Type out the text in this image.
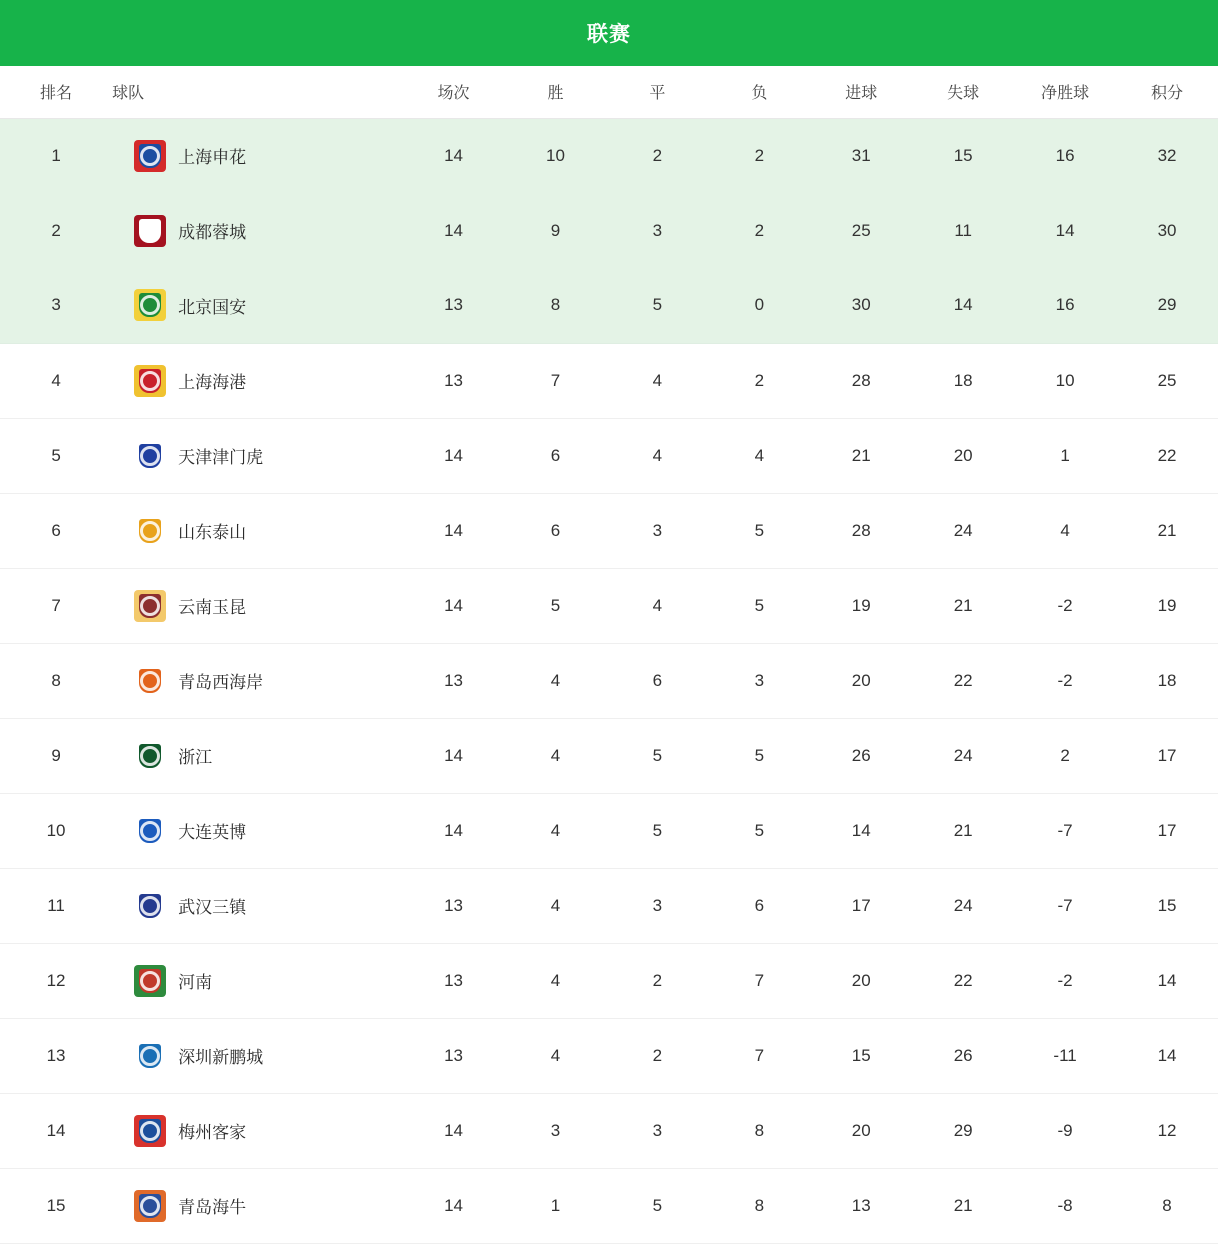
联赛
排名	球队	场次	胜	平	负	进球	失球	净胜球	积分
1	上海申花	14	10	2	2	31	15	16	32
2	成都蓉城	14	9	3	2	25	11	14	30
3	北京国安	13	8	5	0	30	14	16	29
4	上海海港	13	7	4	2	28	18	10	25
5	天津津门虎	14	6	4	4	21	20	1	22
6	山东泰山	14	6	3	5	28	24	4	21
7	云南玉昆	14	5	4	5	19	21	-2	19
8	青岛西海岸	13	4	6	3	20	22	-2	18
9	浙江	14	4	5	5	26	24	2	17
10	大连英博	14	4	5	5	14	21	-7	17
11	武汉三镇	13	4	3	6	17	24	-7	15
12	河南	13	4	2	7	20	22	-2	14
13	深圳新鹏城	13	4	2	7	15	26	-11	14
14	梅州客家	14	3	3	8	20	29	-9	12
15	青岛海牛	14	1	5	8	13	21	-8	8
